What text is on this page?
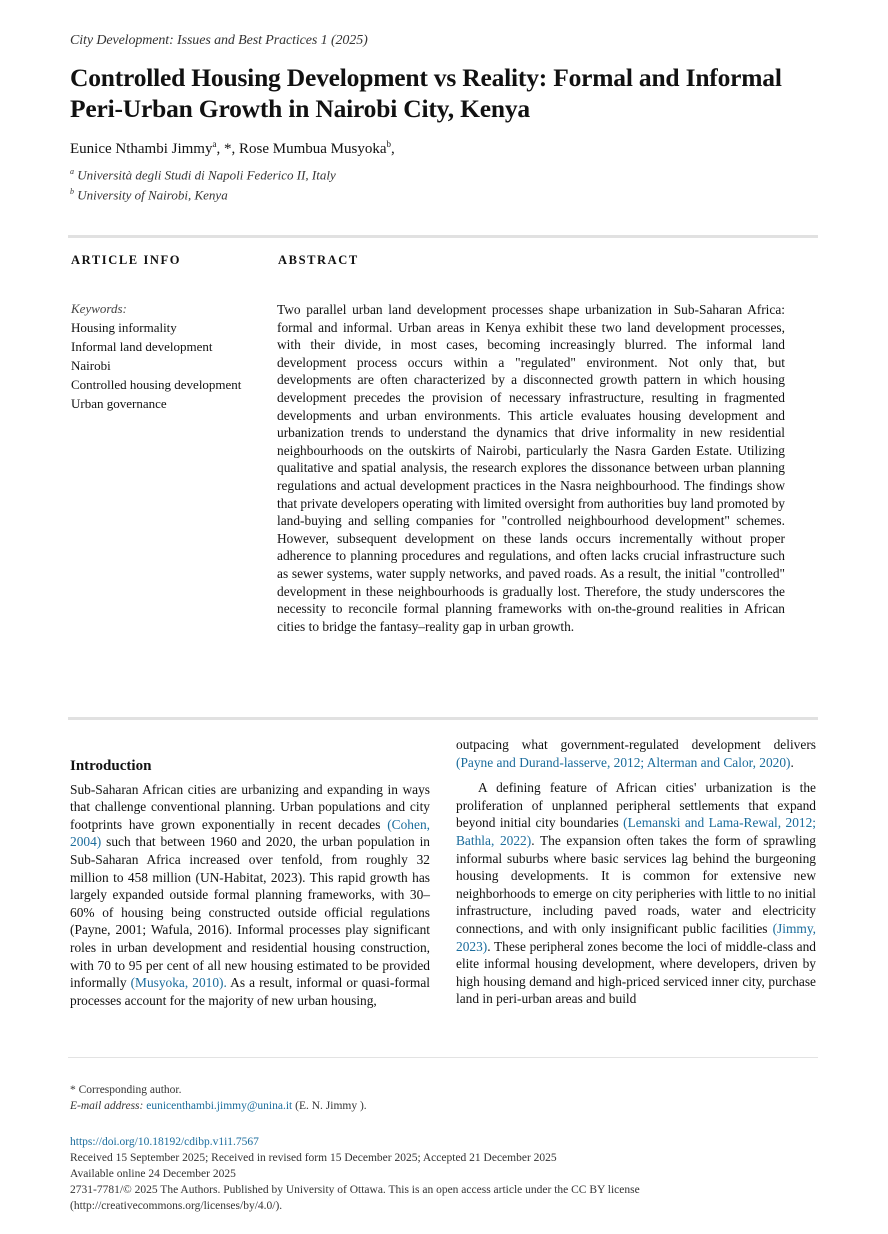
City Development: Issues and Best Practices 1 (2025)
Controlled Housing Development vs Reality: Formal and Informal Peri-Urban Growth in Nairobi City, Kenya
Eunice Nthambi Jimmy$^a$, *, Rose Mumbua Musyoka$^b$,
$^a$ Università degli Studi di Napoli Federico II, Italy
$^b$ University of Nairobi, Kenya
ARTICLE INFO	ABSTRACT
Keywords:
Housing informality
Informal land development
Nairobi
Controlled housing development
Urban governance
Two parallel urban land development processes shape urbanization in Sub-Saharan Africa: formal and informal. Urban areas in Kenya exhibit these two land development processes, with their divide, in most cases, becoming increasingly blurred. The informal land development process occurs within a "regulated" environment. Not only that, but developments are often characterized by a disconnected growth pattern in which housing development precedes the provision of necessary infrastructure, resulting in fragmented developments and urban environments. This article evaluates housing development and urbanization trends to understand the dynamics that drive informality in new residential neighbourhoods on the outskirts of Nairobi, particularly the Nasra Garden Estate. Utilizing qualitative and spatial analysis, the research explores the dissonance between urban planning regulations and actual development practices in the Nasra neighbourhood. The findings show that private developers operating with limited oversight from authorities buy land promoted by land-buying and selling companies for "controlled neighbourhood development" schemes. However, subsequent development on these lands occurs incrementally without proper adherence to planning procedures and regulations, and often lacks crucial infrastructure such as sewer systems, water supply networks, and paved roads. As a result, the initial "controlled" development in these neighbourhoods is gradually lost. Therefore, the study underscores the necessity to reconcile formal planning frameworks with on-the-ground realities in African cities to bridge the fantasy–reality gap in urban growth.
Introduction

Sub-Saharan African cities are urbanizing and expanding in ways that challenge conventional planning. Urban populations and city footprints have grown exponentially in recent decades (Cohen, 2004) such that between 1960 and 2020, the urban population in Sub-Saharan Africa increased over tenfold, from roughly 32 million to 458 million (UN-Habitat, 2023). This rapid growth has largely expanded outside formal planning frameworks, with 30–60% of housing being constructed outside official regulations (Payne, 2001; Wafula, 2016). Informal processes play significant roles in urban development and residential housing construction, with 70 to 95 per cent of all new housing estimated to be provided informally (Musyoka, 2010). As a result, informal or quasi-formal processes account for the majority of new urban housing,

outpacing what government-regulated development delivers (Payne and Durand-lasserve, 2012; Alterman and Calor, 2020).

A defining feature of African cities' urbanization is the proliferation of unplanned peripheral settlements that expand beyond initial city boundaries (Lemanski and Lama-Rewal, 2012; Bathla, 2022). The expansion often takes the form of sprawling informal suburbs where basic services lag behind the burgeoning housing developments. It is common for extensive new neighborhoods to emerge on city peripheries with little to no initial infrastructure, including paved roads, water and electricity connections, and with only insignificant public facilities (Jimmy, 2023). These peripheral zones become the loci of middle-class and elite informal housing development, where developers, driven by high housing demand and high-priced serviced inner city, purchase land in peri-urban areas and build

* Corresponding author.
E-mail address: eunicenthambi.jimmy@unina.it (E. N. Jimmy ).
https://doi.org/10.18192/cdibp.v1i1.7567
Received 15 September 2025; Received in revised form 15 December 2025; Accepted 21 December 2025
Available online 24 December 2025
2731-7781/© 2025 The Authors. Published by University of Ottawa. This is an open access article under the CC BY license
(http://creativecommons.org/licenses/by/4.0/).
